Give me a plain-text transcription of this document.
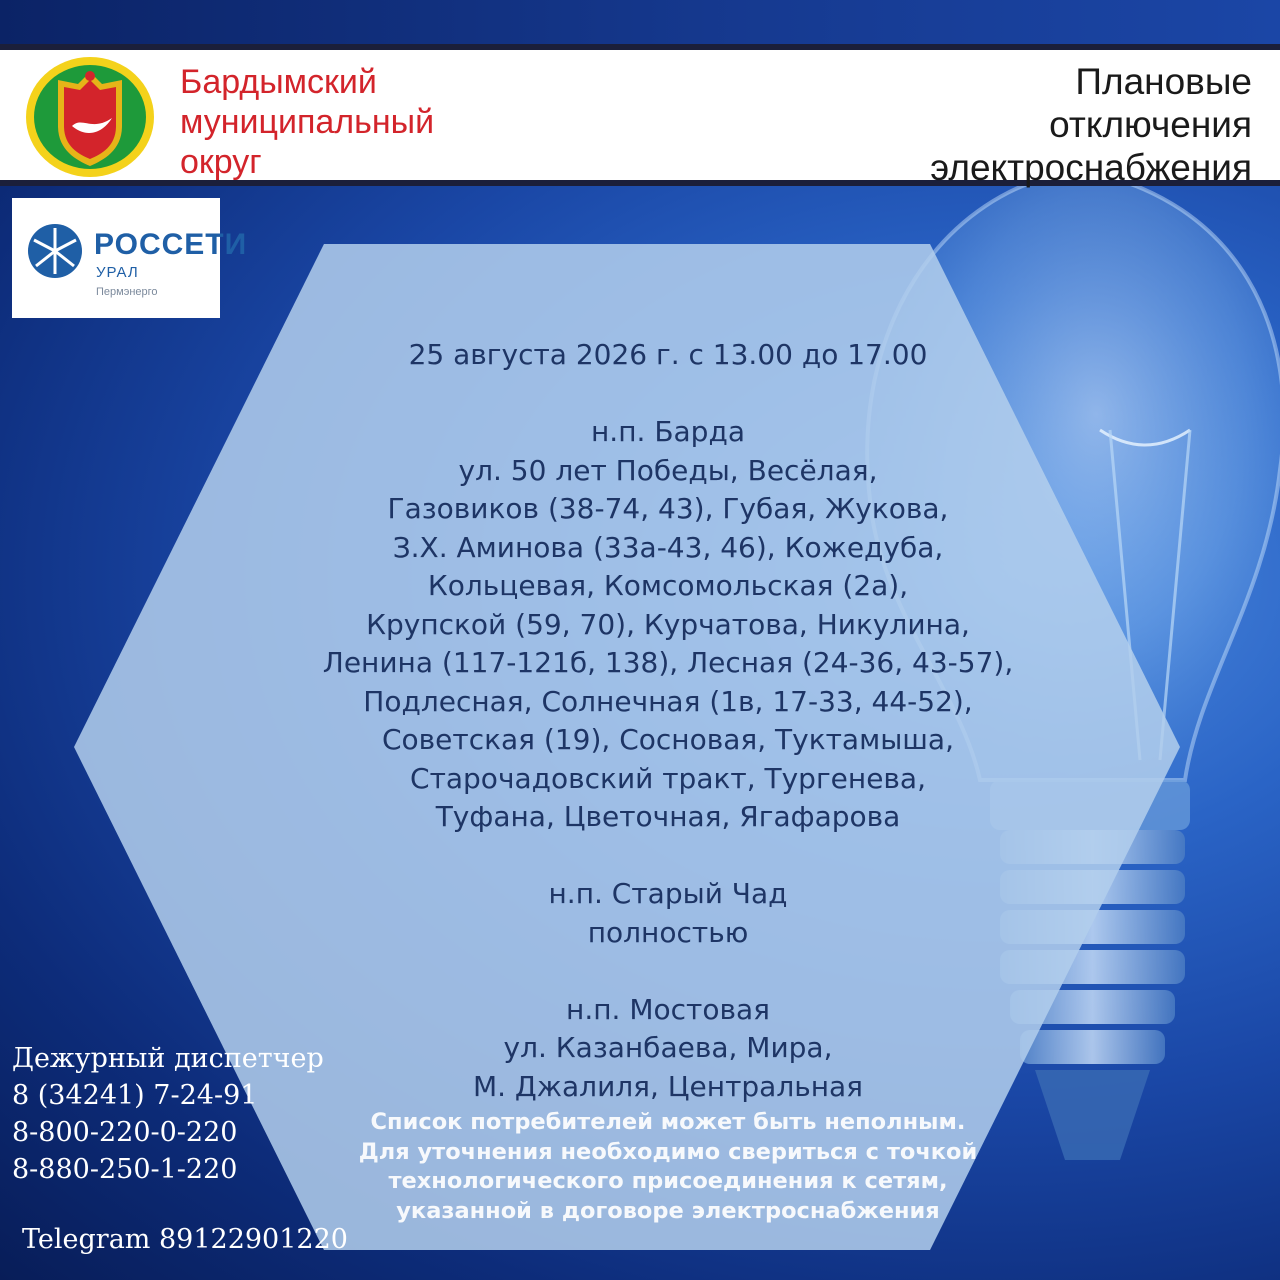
Бардымский
муниципальный
округ
Плановые
отключения
электроснабжения
РОССЕТИ
УРАЛ
Пермэнерго
25 августа 2026 г. с 13.00 до 17.00
н.п. Барда
ул. 50 лет Победы, Весёлая,
Газовиков (38-74, 43), Губая, Жукова,
З.Х. Аминова (33а-43, 46), Кожедуба,
Кольцевая, Комсомольская (2а),
Крупской (59, 70), Курчатова, Никулина,
Ленина (117-121б, 138), Лесная (24-36, 43-57),
Подлесная, Солнечная (1в, 17-33, 44-52),
Советская (19), Сосновая, Туктамыша,
Старочадовский тракт, Тургенева,
Туфана, Цветочная, Ягафарова
н.п. Старый Чад
полностью
н.п. Мостовая
ул. Казанбаева, Мира,
М. Джалиля, Центральная
Список потребителей может быть неполным.
Для уточнения необходимо свериться с точкой
технологического присоединения к сетям,
указанной в договоре электроснабжения
Дежурный диспетчер
8 (34241) 7-24-91
8-800-220-0-220
8-880-250-1-220
Telegram 89122901220
